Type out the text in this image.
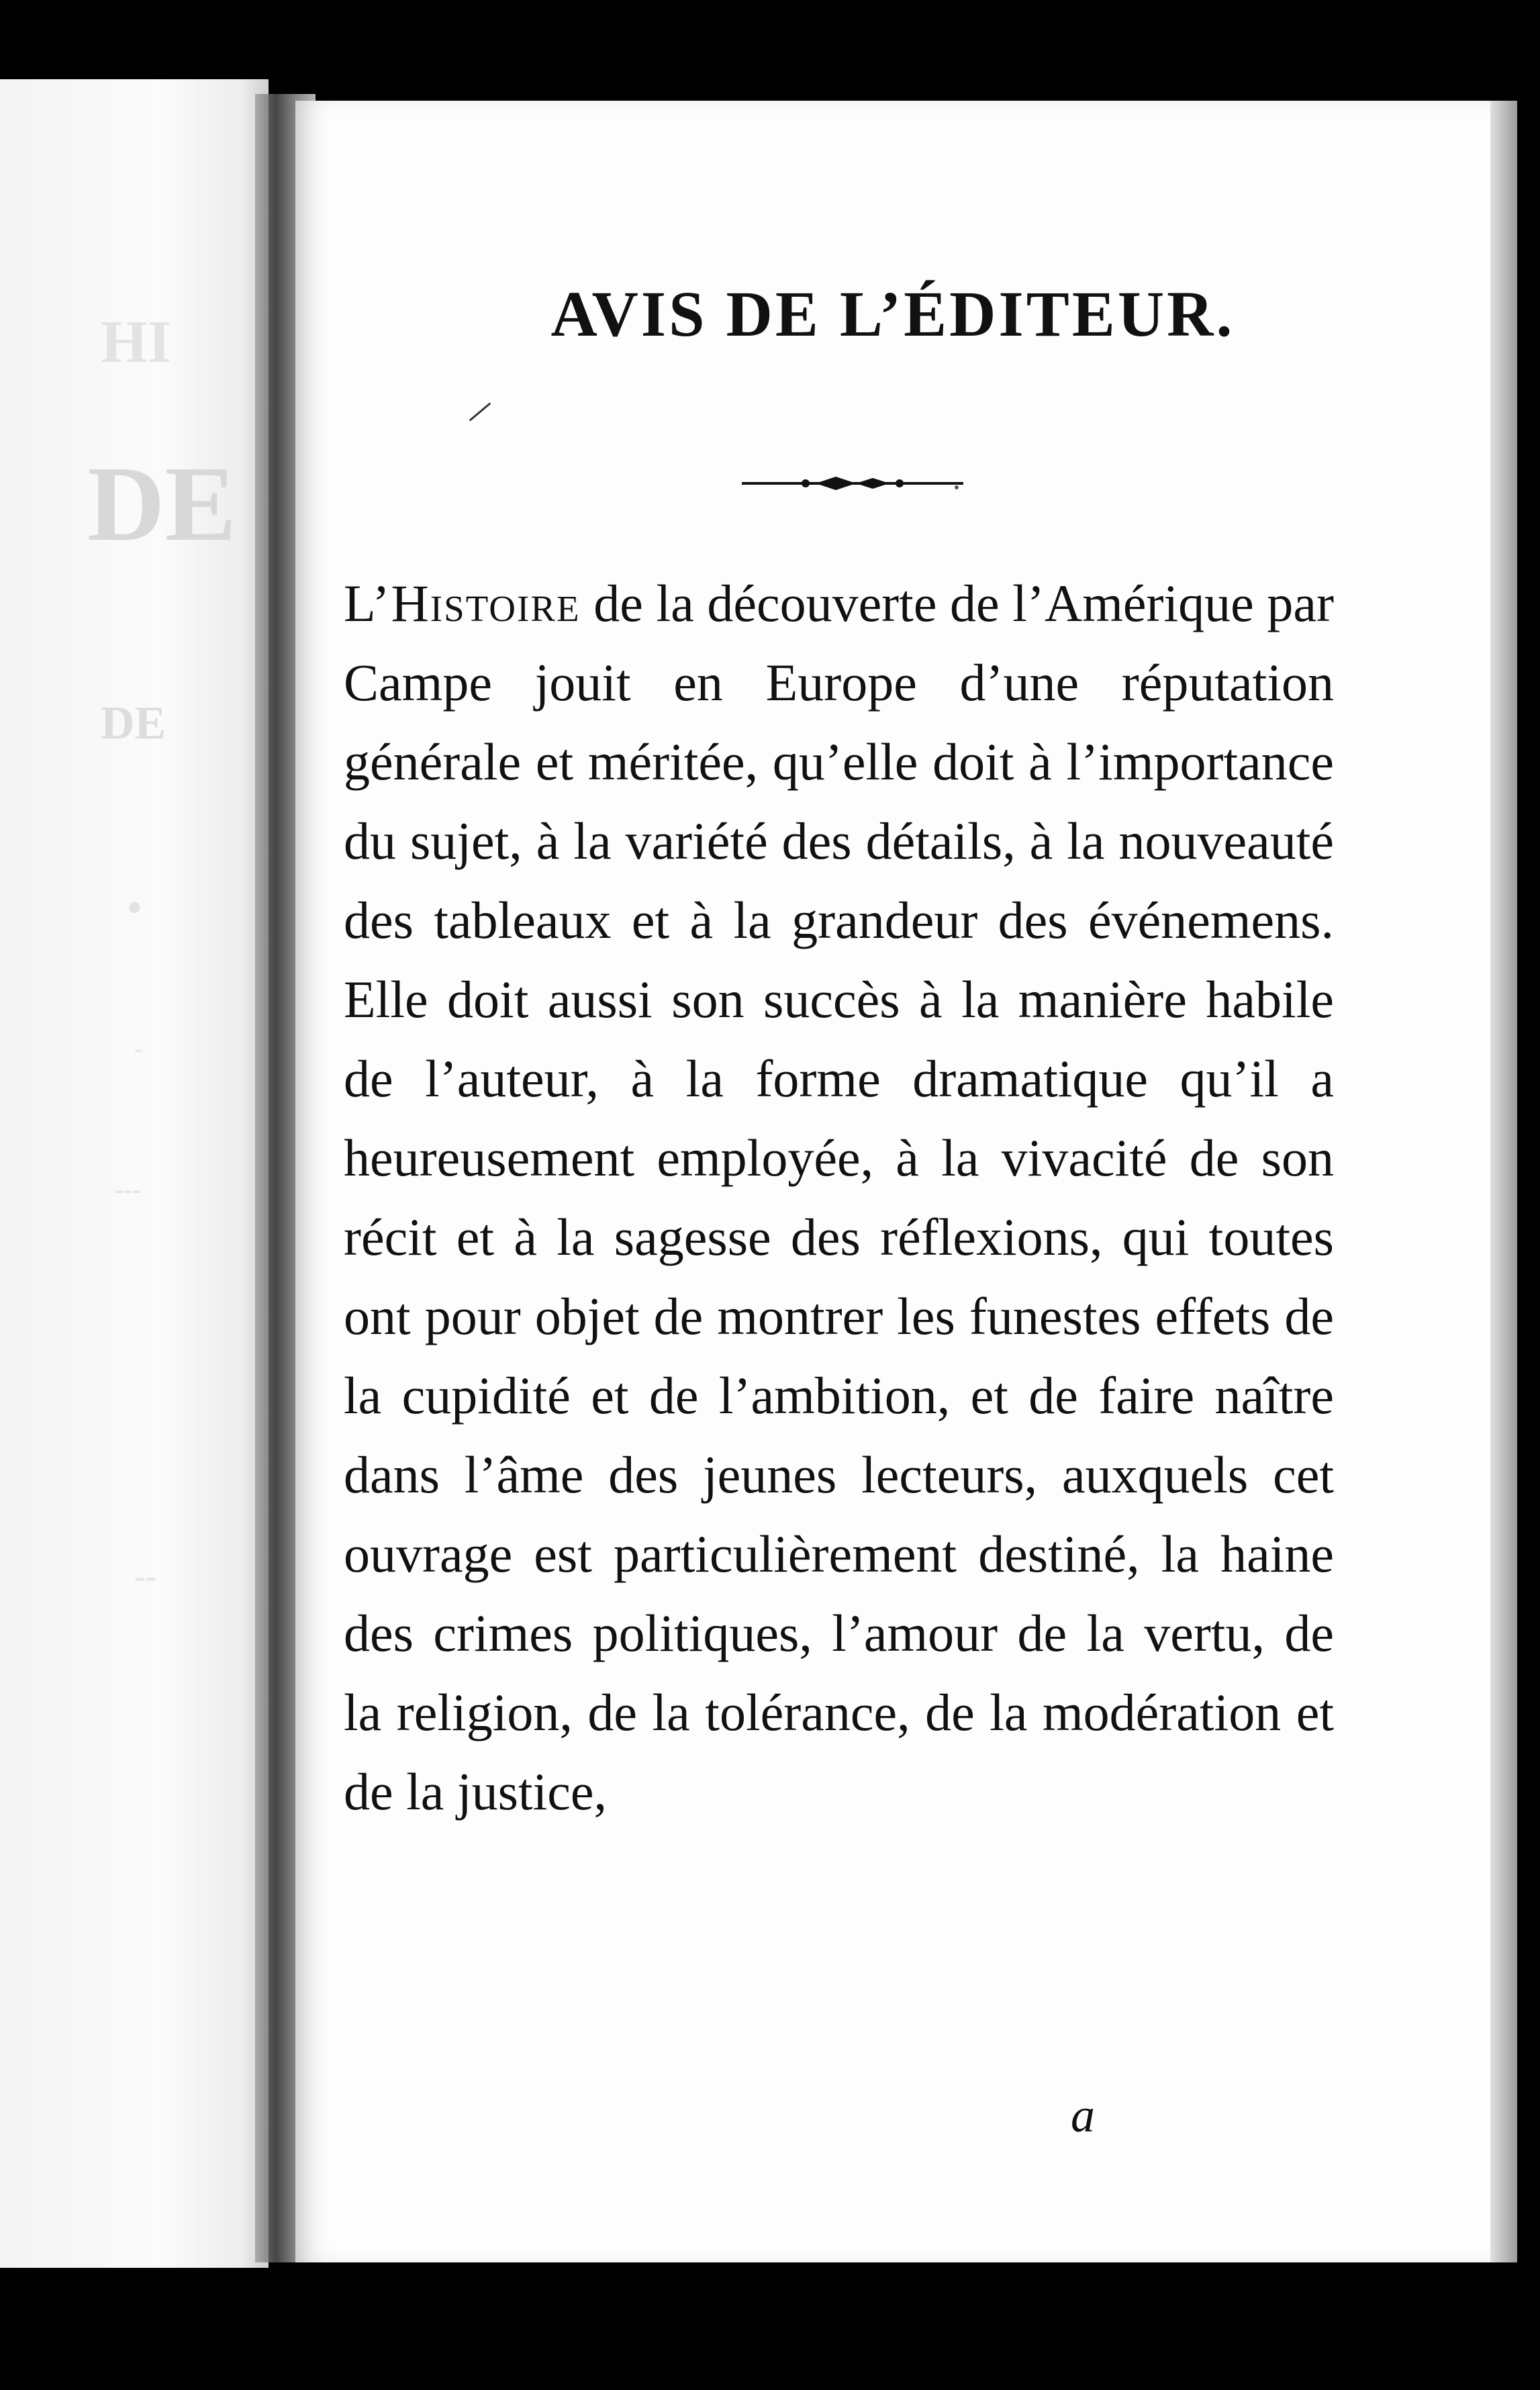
HI
DE
DE
•
-
---
--
AVIS DE L’ÉDITEUR.

L’Histoire de la découverte de l’Amérique par Campe jouit en Europe d’une réputation générale et méritée, qu’elle doit à l’importance du sujet, à la variété des détails, à la nouveauté des tableaux et à la grandeur des événemens. Elle doit aussi son succès à la manière habile de l’auteur, à la forme dramatique qu’il a heureusement employée, à la vivacité de son récit et à la sagesse des réflexions, qui toutes ont pour objet de montrer les funestes effets de la cupidité et de l’ambition, et de faire naître dans l’âme des jeunes lecteurs, auxquels cet ouvrage est particulièrement destiné, la haine des crimes politiques, l’amour de la vertu, de la religion, de la tolérance, de la modération et de la justice,

a
